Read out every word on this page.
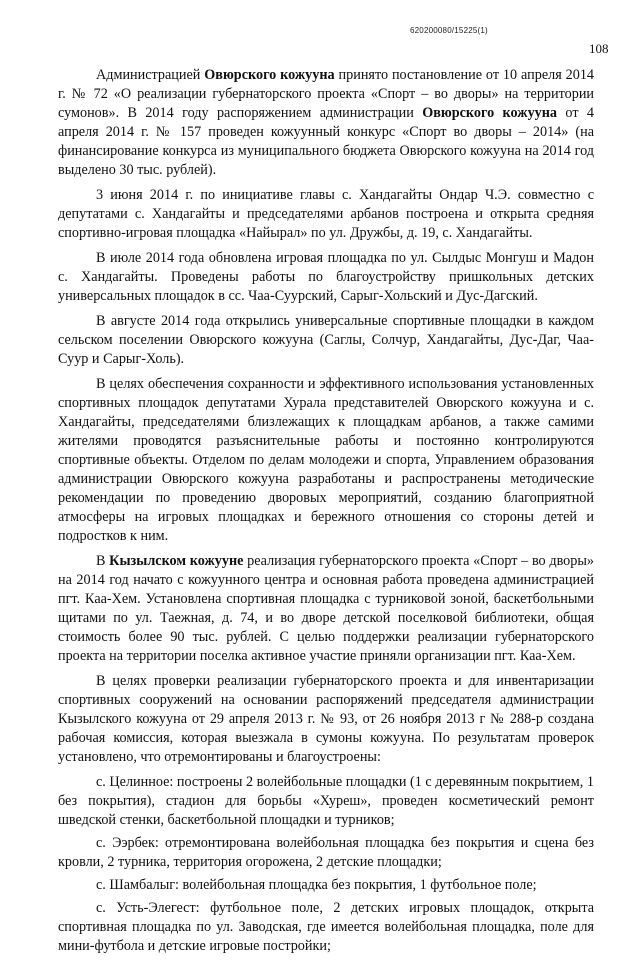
620200080/15225(1)
108

Администрацией Овюрского кожууна принято постановление от 10 апреля 2014 г. № 72 «О реализации губернаторского проекта «Спорт – во дворы» на территории сумонов». В 2014 году распоряжением администрации Овюрского кожууна от 4 апреля 2014 г. № 157 проведен кожуунный конкурс «Спорт во дворы – 2014» (на финансирование конкурса из муниципального бюджета Овюрского кожууна на 2014 год выделено 30 тыс. рублей).

3 июня 2014 г. по инициативе главы с. Хандагайты Ондар Ч.Э. совместно с депутатами с. Хандагайты и председателями арбанов построена и открыта средняя спортивно-игровая площадка «Найырал» по ул. Дружбы, д. 19, с. Хандагайты.

В июле 2014 года обновлена игровая площадка по ул. Сылдыс Монгуш и Мадон с. Хандагайты. Проведены работы по благоустройству пришкольных детских универсальных площадок в сс. Чаа-Суурский, Сарыг-Хольский и Дус-Дагский.

В августе 2014 года открылись универсальные спортивные площадки в каждом сельском поселении Овюрского кожууна (Саглы, Солчур, Хандагайты, Дус-Даг, Чаа-Суур и Сарыг-Холь).

В целях обеспечения сохранности и эффективного использования установленных спортивных площадок депутатами Хурала представителей Овюрского кожууна и с. Хандагайты, председателями близлежащих к площадкам арбанов, а также самими жителями проводятся разъяснительные работы и постоянно контролируются спортивные объекты. Отделом по делам молодежи и спорта, Управлением образования администрации Овюрского кожууна разработаны и распространены методические рекомендации по проведению дворовых мероприятий, созданию благоприятной атмосферы на игровых площадках и бережного отношения со стороны детей и подростков к ним.

В Кызылском кожууне реализация губернаторского проекта «Спорт – во дворы» на 2014 год начато с кожуунного центра и основная работа проведена администрацией пгт. Каа-Хем. Установлена спортивная площадка с турниковой зоной, баскетбольными щитами по ул. Таежная, д. 74, и во дворе детской поселковой библиотеки, общая стоимость более 90 тыс. рублей. С целью поддержки реализации губернаторского проекта на территории поселка активное участие приняли организации пгт. Каа-Хем.

В целях проверки реализации губернаторского проекта и для инвентаризации спортивных сооружений на основании распоряжений председателя администрации Кызылского кожууна от 29 апреля 2013 г. № 93, от 26 ноября 2013 г № 288-р создана рабочая комиссия, которая выезжала в сумоны кожууна. По результатам проверок установлено, что отремонтированы и благоустроены:

с. Целинное: построены 2 волейбольные площадки (1 с деревянным покрытием, 1 без покрытия), стадион для борьбы «Хуреш», проведен косметический ремонт шведской стенки, баскетбольной площадки и турников;
с. Ээрбек: отремонтирована волейбольная площадка без покрытия и сцена без кровли, 2 турника, территория огорожена, 2 детские площадки;
с. Шамбалыг: волейбольная площадка без покрытия, 1 футбольное поле;
с. Усть-Элегест: футбольное поле, 2 детских игровых площадок, открыта спортивная площадка по ул. Заводская, где имеется волейбольная площадка, поле для мини-футбола и детские игровые постройки;
